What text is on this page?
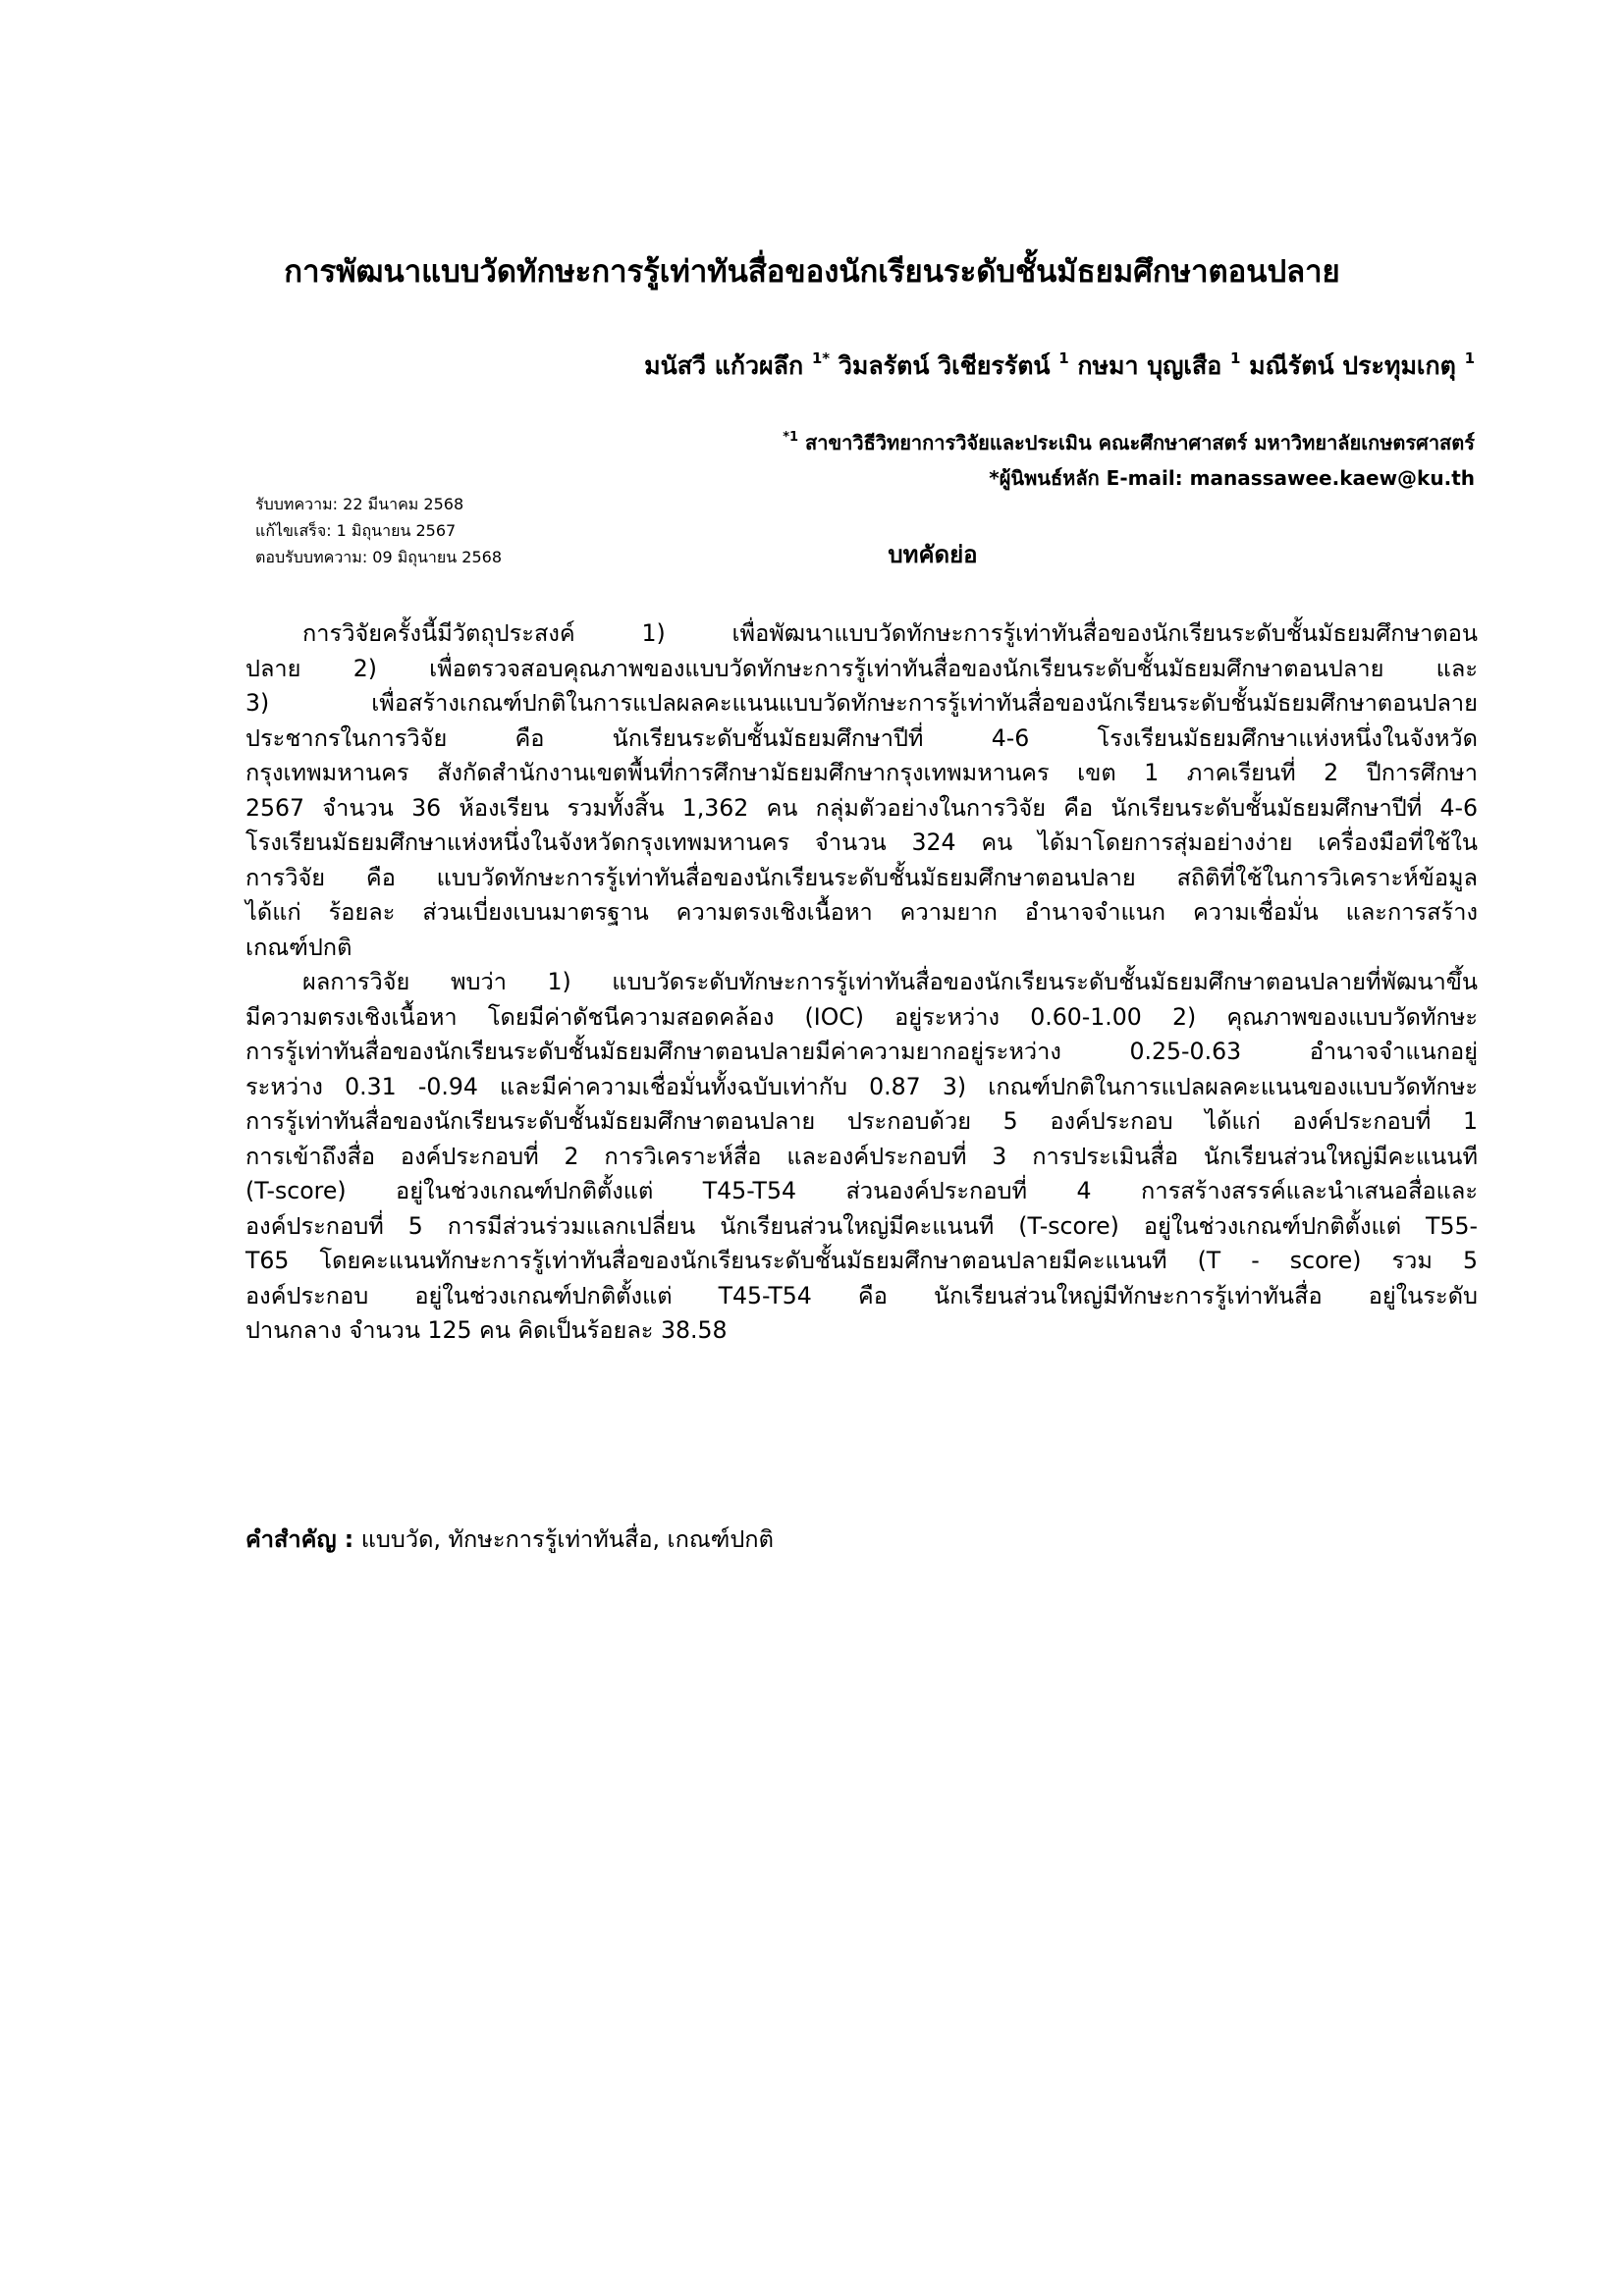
การพัฒนาแบบวัดทักษะการรู้เท่าทันสื่อของนักเรียนระดับชั้นมัธยมศึกษาตอนปลาย
มนัสวี แก้วผลึก $^{1*}$ วิมลรัตน์ วิเชียรรัตน์ $^1$ กษมา บุญเสือ $^1$ มณีรัตน์ ประทุมเกตุ $^1$
$^{*1}$ สาขาวิธีวิทยาการวิจัยและประเมิน คณะศึกษาศาสตร์ มหาวิทยาลัยเกษตรศาสตร์
*ผู้นิพนธ์หลัก E-mail: manassawee.kaew@ku.th
รับบทความ: 22 มีนาคม 2568
แก้ไขเสร็จ: 1 มิถุนายน 2567
ตอบรับบทความ: 09 มิถุนายน 2568	บทคัดย่อ
การวิจัยครั้งนี้มีวัตถุประสงค์ 1) เพื่อพัฒนาแบบวัดทักษะการรู้เท่าทันสื่อของนักเรียนระดับชั้นมัธยมศึกษาตอน
ปลาย 2) เพื่อตรวจสอบคุณภาพของแบบวัดทักษะการรู้เท่าทันสื่อของนักเรียนระดับชั้นมัธยมศึกษาตอนปลาย และ
3) เพื่อสร้างเกณฑ์ปกติในการแปลผลคะแนนแบบวัดทักษะการรู้เท่าทันสื่อของนักเรียนระดับชั้นมัธยมศึกษาตอนปลาย
ประชากรในการวิจัย คือ นักเรียนระดับชั้นมัธยมศึกษาปีที่ 4-6 โรงเรียนมัธยมศึกษาแห่งหนึ่งในจังหวัด
กรุงเทพมหานคร สังกัดสำนักงานเขตพื้นที่การศึกษามัธยมศึกษากรุงเทพมหานคร เขต 1 ภาคเรียนที่ 2 ปีการศึกษา
2567 จำนวน 36 ห้องเรียน รวมทั้งสิ้น 1,362 คน กลุ่มตัวอย่างในการวิจัย คือ นักเรียนระดับชั้นมัธยมศึกษาปีที่ 4-6
โรงเรียนมัธยมศึกษาแห่งหนึ่งในจังหวัดกรุงเทพมหานคร จำนวน 324 คน ได้มาโดยการสุ่มอย่างง่าย เครื่องมือที่ใช้ใน
การวิจัย คือ แบบวัดทักษะการรู้เท่าทันสื่อของนักเรียนระดับชั้นมัธยมศึกษาตอนปลาย สถิติที่ใช้ในการวิเคราะห์ข้อมูล
ได้แก่ ร้อยละ ส่วนเบี่ยงเบนมาตรฐาน ความตรงเชิงเนื้อหา ความยาก อำนาจจำแนก ความเชื่อมั่น และการสร้าง
เกณฑ์ปกติ
ผลการวิจัย พบว่า 1) แบบวัดระดับทักษะการรู้เท่าทันสื่อของนักเรียนระดับชั้นมัธยมศึกษาตอนปลายที่พัฒนาขึ้น
มีความตรงเชิงเนื้อหา โดยมีค่าดัชนีความสอดคล้อง (IOC) อยู่ระหว่าง 0.60-1.00 2) คุณภาพของแบบวัดทักษะ
การรู้เท่าทันสื่อของนักเรียนระดับชั้นมัธยมศึกษาตอนปลายมีค่าความยากอยู่ระหว่าง 0.25-0.63 อำนาจจำแนกอยู่
ระหว่าง 0.31 -0.94 และมีค่าความเชื่อมั่นทั้งฉบับเท่ากับ 0.87 3) เกณฑ์ปกติในการแปลผลคะแนนของแบบวัดทักษะ
การรู้เท่าทันสื่อของนักเรียนระดับชั้นมัธยมศึกษาตอนปลาย ประกอบด้วย 5 องค์ประกอบ ได้แก่ องค์ประกอบที่ 1
การเข้าถึงสื่อ องค์ประกอบที่ 2 การวิเคราะห์สื่อ และองค์ประกอบที่ 3 การประเมินสื่อ นักเรียนส่วนใหญ่มีคะแนนที
(T-score) อยู่ในช่วงเกณฑ์ปกติตั้งแต่ T45-T54 ส่วนองค์ประกอบที่ 4 การสร้างสรรค์และนำเสนอสื่อและ
องค์ประกอบที่ 5 การมีส่วนร่วมแลกเปลี่ยน นักเรียนส่วนใหญ่มีคะแนนที (T-score) อยู่ในช่วงเกณฑ์ปกติตั้งแต่ T55-
T65 โดยคะแนนทักษะการรู้เท่าทันสื่อของนักเรียนระดับชั้นมัธยมศึกษาตอนปลายมีคะแนนที (T - score) รวม 5
องค์ประกอบ อยู่ในช่วงเกณฑ์ปกติตั้งแต่ T45-T54 คือ นักเรียนส่วนใหญ่มีทักษะการรู้เท่าทันสื่อ อยู่ในระดับ
ปานกลาง จำนวน 125 คน คิดเป็นร้อยละ 38.58
คำสำคัญ : แบบวัด, ทักษะการรู้เท่าทันสื่อ, เกณฑ์ปกติ
